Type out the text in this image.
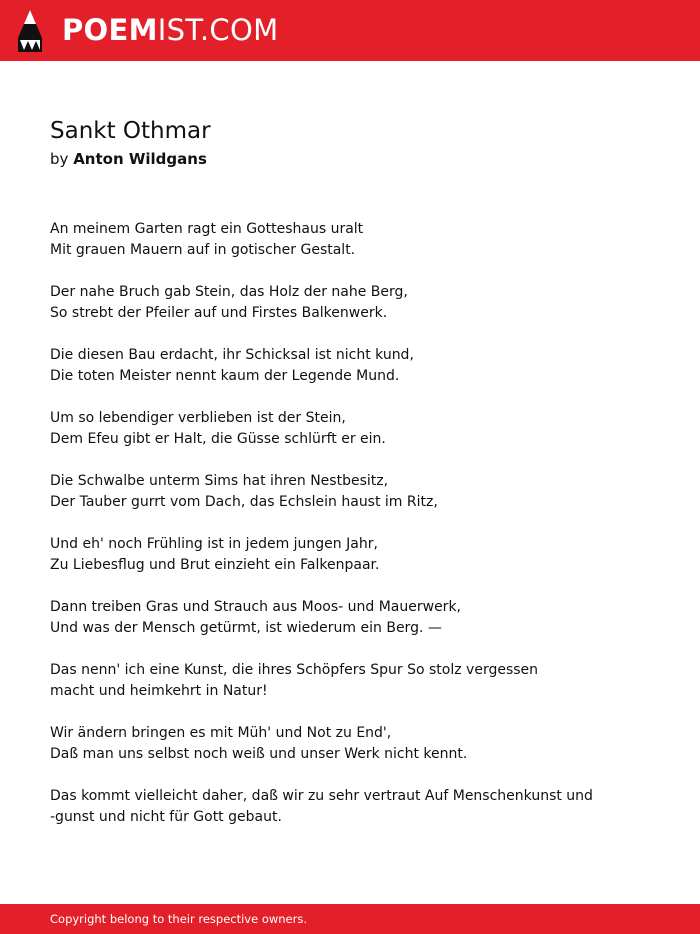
POEMIST.COM
Sankt Othmar
by Anton Wildgans
An meinem Garten ragt ein Gotteshaus uralt
Mit grauen Mauern auf in gotischer Gestalt.
Der nahe Bruch gab Stein, das Holz der nahe Berg,
So strebt der Pfeiler auf und Firstes Balkenwerk.
Die diesen Bau erdacht, ihr Schicksal ist nicht kund,
Die toten Meister nennt kaum der Legende Mund.
Um so lebendiger verblieben ist der Stein,
Dem Efeu gibt er Halt, die Güsse schlürft er ein.
Die Schwalbe unterm Sims hat ihren Nestbesitz,
Der Tauber gurrt vom Dach, das Echslein haust im Ritz,
Und eh' noch Frühling ist in jedem jungen Jahr,
Zu Liebesflug und Brut einzieht ein Falkenpaar.
Dann treiben Gras und Strauch aus Moos- und Mauerwerk,
Und was der Mensch getürmt, ist wiederum ein Berg. —
Das nenn' ich eine Kunst, die ihres Schöpfers Spur So stolz vergessen
macht und heimkehrt in Natur!
Wir ändern bringen es mit Müh' und Not zu End',
Daß man uns selbst noch weiß und unser Werk nicht kennt.
Das kommt vielleicht daher, daß wir zu sehr vertraut Auf Menschenkunst und
-gunst und nicht für Gott gebaut.
Copyright belong to their respective owners.
